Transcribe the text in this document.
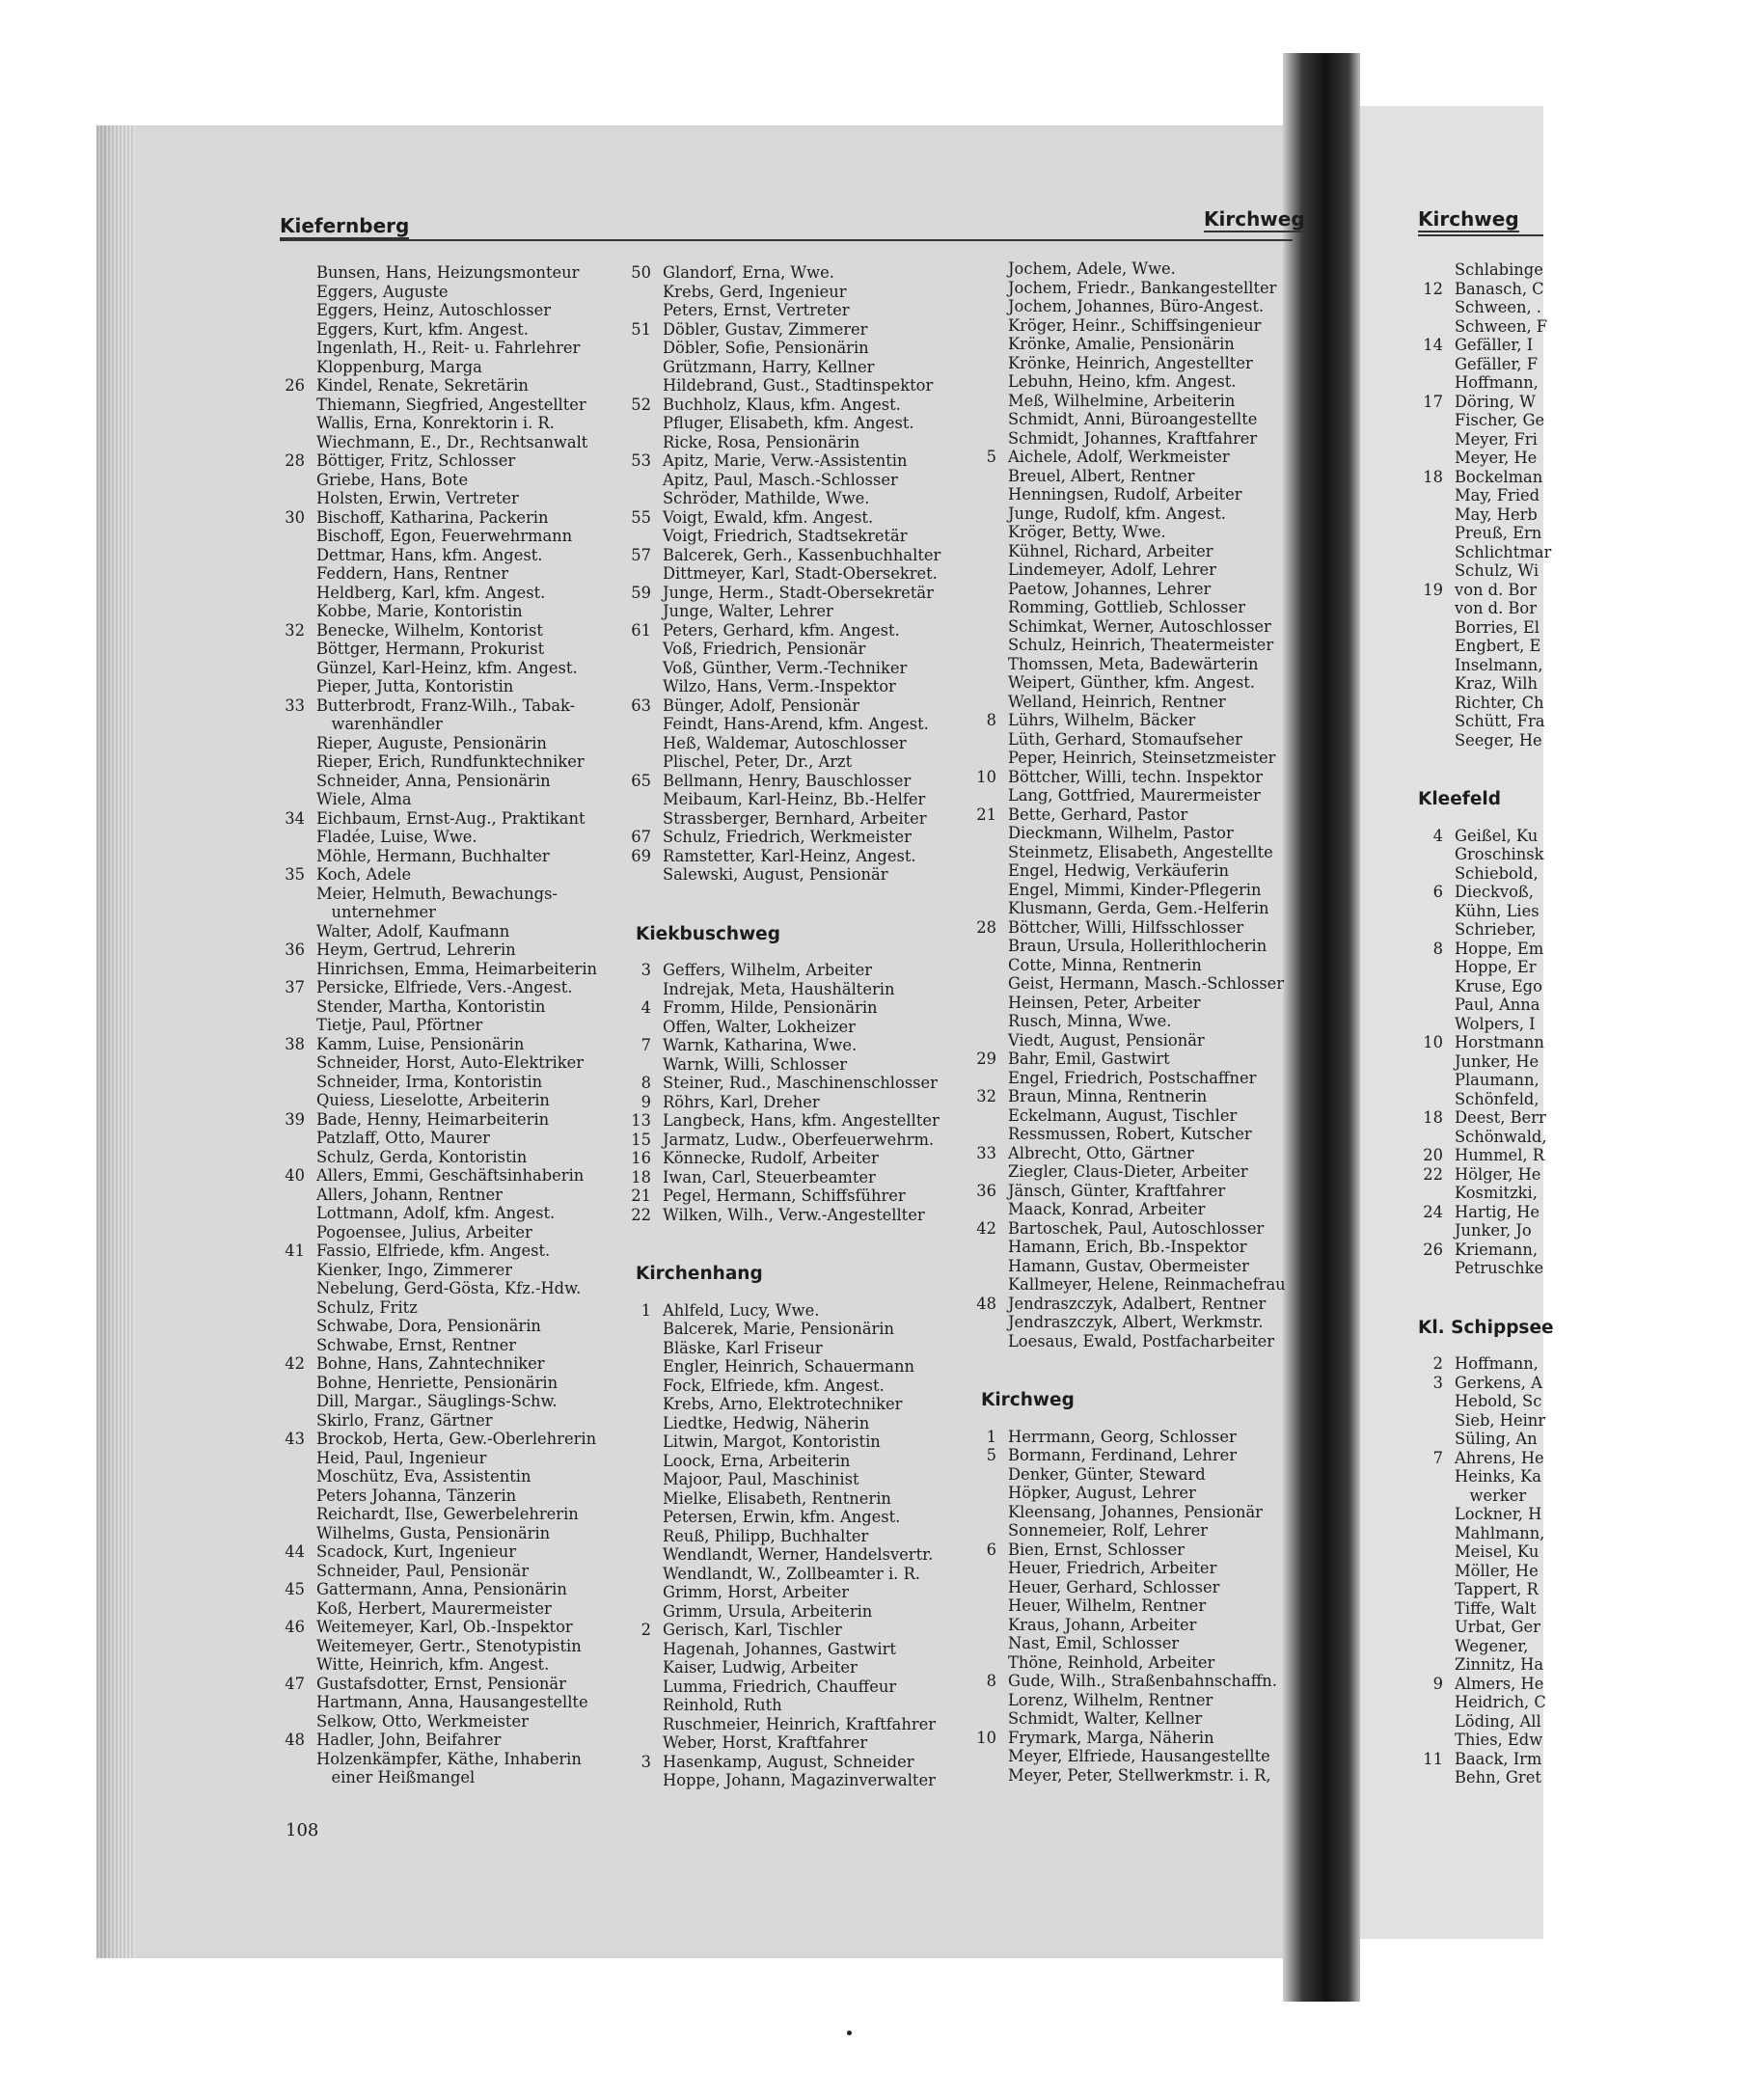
Kiefernberg	Kirchweg	Kirchweg
Bunsen, Hans, Heizungsmonteur
Eggers, Auguste
Eggers, Heinz, Autoschlosser
Eggers, Kurt, kfm. Angest.
Ingenlath, H., Reit- u. Fahrlehrer
Kloppenburg, Marga
26 Kindel, Renate, Sekretärin
Thiemann, Siegfried, Angestellter
Wallis, Erna, Konrektorin i. R.
Wiechmann, E., Dr., Rechtsanwalt
28 Böttiger, Fritz, Schlosser
Griebe, Hans, Bote
Holsten, Erwin, Vertreter
30 Bischoff, Katharina, Packerin
Bischoff, Egon, Feuerwehrmann
Dettmar, Hans, kfm. Angest.
Feddern, Hans, Rentner
Heldberg, Karl, kfm. Angest.
Kobbe, Marie, Kontoristin
32 Benecke, Wilhelm, Kontorist
Böttger, Hermann, Prokurist
Günzel, Karl-Heinz, kfm. Angest.
Pieper, Jutta, Kontoristin
33 Butterbrodt, Franz-Wilh., Tabak-
warenhändler
Rieper, Auguste, Pensionärin
Rieper, Erich, Rundfunktechniker
Schneider, Anna, Pensionärin
Wiele, Alma
34 Eichbaum, Ernst-Aug., Praktikant
Fladée, Luise, Wwe.
Möhle, Hermann, Buchhalter
35 Koch, Adele
Meier, Helmuth, Bewachungs-
unternehmer
Walter, Adolf, Kaufmann
36 Heym, Gertrud, Lehrerin
Hinrichsen, Emma, Heimarbeiterin
37 Persicke, Elfriede, Vers.-Angest.
Stender, Martha, Kontoristin
Tietje, Paul, Pförtner
38 Kamm, Luise, Pensionärin
Schneider, Horst, Auto-Elektriker
Schneider, Irma, Kontoristin
Quiess, Lieselotte, Arbeiterin
39 Bade, Henny, Heimarbeiterin
Patzlaff, Otto, Maurer
Schulz, Gerda, Kontoristin
40 Allers, Emmi, Geschäftsinhaberin
Allers, Johann, Rentner
Lottmann, Adolf, kfm. Angest.
Pogoensee, Julius, Arbeiter
41 Fassio, Elfriede, kfm. Angest.
Kienker, Ingo, Zimmerer
Nebelung, Gerd-Gösta, Kfz.-Hdw.
Schulz, Fritz
Schwabe, Dora, Pensionärin
Schwabe, Ernst, Rentner
42 Bohne, Hans, Zahntechniker
Bohne, Henriette, Pensionärin
Dill, Margar., Säuglings-Schw.
Skirlo, Franz, Gärtner
43 Brockob, Herta, Gew.-Oberlehrerin
Heid, Paul, Ingenieur
Moschütz, Eva, Assistentin
Peters Johanna, Tänzerin
Reichardt, Ilse, Gewerbelehrerin
Wilhelms, Gusta, Pensionärin
44 Scadock, Kurt, Ingenieur
Schneider, Paul, Pensionär
45 Gattermann, Anna, Pensionärin
Koß, Herbert, Maurermeister
46 Weitemeyer, Karl, Ob.-Inspektor
Weitemeyer, Gertr., Stenotypistin
Witte, Heinrich, kfm. Angest.
47 Gustafsdotter, Ernst, Pensionär
Hartmann, Anna, Hausangestellte
Selkow, Otto, Werkmeister
48 Hadler, John, Beifahrer
Holzenkämpfer, Käthe, Inhaberin
einer Heißmangel
50 Glandorf, Erna, Wwe.
Krebs, Gerd, Ingenieur
Peters, Ernst, Vertreter
51 Döbler, Gustav, Zimmerer
Döbler, Sofie, Pensionärin
Grützmann, Harry, Kellner
Hildebrand, Gust., Stadtinspektor
52 Buchholz, Klaus, kfm. Angest.
Pfluger, Elisabeth, kfm. Angest.
Ricke, Rosa, Pensionärin
53 Apitz, Marie, Verw.-Assistentin
Apitz, Paul, Masch.-Schlosser
Schröder, Mathilde, Wwe.
55 Voigt, Ewald, kfm. Angest.
Voigt, Friedrich, Stadtsekretär
57 Balcerek, Gerh., Kassenbuchhalter
Dittmeyer, Karl, Stadt-Obersekret.
59 Junge, Herm., Stadt-Obersekretär
Junge, Walter, Lehrer
61 Peters, Gerhard, kfm. Angest.
Voß, Friedrich, Pensionär
Voß, Günther, Verm.-Techniker
Wilzo, Hans, Verm.-Inspektor
63 Bünger, Adolf, Pensionär
Feindt, Hans-Arend, kfm. Angest.
Heß, Waldemar, Autoschlosser
Plischel, Peter, Dr., Arzt
65 Bellmann, Henry, Bauschlosser
Meibaum, Karl-Heinz, Bb.-Helfer
Strassberger, Bernhard, Arbeiter
67 Schulz, Friedrich, Werkmeister
69 Ramstetter, Karl-Heinz, Angest.
Salewski, August, Pensionär
Kiekbuschweg
3 Geffers, Wilhelm, Arbeiter
Indrejak, Meta, Haushälterin
4 Fromm, Hilde, Pensionärin
Offen, Walter, Lokheizer
7 Warnk, Katharina, Wwe.
Warnk, Willi, Schlosser
8 Steiner, Rud., Maschinenschlosser
9 Röhrs, Karl, Dreher
13 Langbeck, Hans, kfm. Angestellter
15 Jarmatz, Ludw., Oberfeuerwehrm.
16 Könnecke, Rudolf, Arbeiter
18 Iwan, Carl, Steuerbeamter
21 Pegel, Hermann, Schiffsführer
22 Wilken, Wilh., Verw.-Angestellter
Kirchenhang
1 Ahlfeld, Lucy, Wwe.
Balcerek, Marie, Pensionärin
Bläske, Karl Friseur
Engler, Heinrich, Schauermann
Fock, Elfriede, kfm. Angest.
Krebs, Arno, Elektrotechniker
Liedtke, Hedwig, Näherin
Litwin, Margot, Kontoristin
Loock, Erna, Arbeiterin
Majoor, Paul, Maschinist
Mielke, Elisabeth, Rentnerin
Petersen, Erwin, kfm. Angest.
Reuß, Philipp, Buchhalter
Wendlandt, Werner, Handelsvertr.
Wendlandt, W., Zollbeamter i. R.
Grimm, Horst, Arbeiter
Grimm, Ursula, Arbeiterin
2 Gerisch, Karl, Tischler
Hagenah, Johannes, Gastwirt
Kaiser, Ludwig, Arbeiter
Lumma, Friedrich, Chauffeur
Reinhold, Ruth
Ruschmeier, Heinrich, Kraftfahrer
Weber, Horst, Kraftfahrer
3 Hasenkamp, August, Schneider
Hoppe, Johann, Magazinverwalter
Jochem, Adele, Wwe.
Jochem, Friedr., Bankangestellter
Jochem, Johannes, Büro-Angest.
Kröger, Heinr., Schiffsingenieur
Krönke, Amalie, Pensionärin
Krönke, Heinrich, Angestellter
Lebuhn, Heino, kfm. Angest.
Meß, Wilhelmine, Arbeiterin
Schmidt, Anni, Büroangestellte
Schmidt, Johannes, Kraftfahrer
5 Aichele, Adolf, Werkmeister
Breuel, Albert, Rentner
Henningsen, Rudolf, Arbeiter
Junge, Rudolf, kfm. Angest.
Kröger, Betty, Wwe.
Kühnel, Richard, Arbeiter
Lindemeyer, Adolf, Lehrer
Paetow, Johannes, Lehrer
Romming, Gottlieb, Schlosser
Schimkat, Werner, Autoschlosser
Schulz, Heinrich, Theatermeister
Thomssen, Meta, Badewärterin
Weipert, Günther, kfm. Angest.
Welland, Heinrich, Rentner
8 Lührs, Wilhelm, Bäcker
Lüth, Gerhard, Stomaufseher
Peper, Heinrich, Steinsetzmeister
10 Böttcher, Willi, techn. Inspektor
Lang, Gottfried, Maurermeister
21 Bette, Gerhard, Pastor
Dieckmann, Wilhelm, Pastor
Steinmetz, Elisabeth, Angestellte
Engel, Hedwig, Verkäuferin
Engel, Mimmi, Kinder-Pflegerin
Klusmann, Gerda, Gem.-Helferin
28 Böttcher, Willi, Hilfsschlosser
Braun, Ursula, Hollerithlocherin
Cotte, Minna, Rentnerin
Geist, Hermann, Masch.-Schlosser
Heinsen, Peter, Arbeiter
Rusch, Minna, Wwe.
Viedt, August, Pensionär
29 Bahr, Emil, Gastwirt
Engel, Friedrich, Postschaffner
32 Braun, Minna, Rentnerin
Eckelmann, August, Tischler
Ressmussen, Robert, Kutscher
33 Albrecht, Otto, Gärtner
Ziegler, Claus-Dieter, Arbeiter
36 Jänsch, Günter, Kraftfahrer
Maack, Konrad, Arbeiter
42 Bartoschek, Paul, Autoschlosser
Hamann, Erich, Bb.-Inspektor
Hamann, Gustav, Obermeister
Kallmeyer, Helene, Reinmachefrau
48 Jendraszczyk, Adalbert, Rentner
Jendraszczyk, Albert, Werkmstr.
Loesaus, Ewald, Postfacharbeiter
Kirchweg
1 Herrmann, Georg, Schlosser
5 Bormann, Ferdinand, Lehrer
Denker, Günter, Steward
Höpker, August, Lehrer
Kleensang, Johannes, Pensionär
Sonnemeier, Rolf, Lehrer
6 Bien, Ernst, Schlosser
Heuer, Friedrich, Arbeiter
Heuer, Gerhard, Schlosser
Heuer, Wilhelm, Rentner
Kraus, Johann, Arbeiter
Nast, Emil, Schlosser
Thöne, Reinhold, Arbeiter
8 Gude, Wilh., Straßenbahnschaffn.
Lorenz, Wilhelm, Rentner
Schmidt, Walter, Kellner
10 Frymark, Marga, Näherin
Meyer, Elfriede, Hausangestellte
Meyer, Peter, Stellwerkmstr. i. R,
Schlabinge
12 Banasch, C
Schween, .
Schween, F
14 Gefäller, I
Gefäller, F
Hoffmann,
17 Döring, W
Fischer, Ge
Meyer, Fri
Meyer, He
18 Bockelman
May, Fried
May, Herb
Preuß, Ern
Schlichtmar
Schulz, Wi
19 von d. Bor
von d. Bor
Borries, El
Engbert, E
Inselmann,
Kraz, Wilh
Richter, Ch
Schütt, Fra
Seeger, He
Kleefeld
4 Geißel, Ku
Groschinsk
Schiebold,
6 Dieckvoß,
Kühn, Lies
Schrieber,
8 Hoppe, Em
Hoppe, Er
Kruse, Ego
Paul, Anna
Wolpers, I
10 Horstmann
Junker, He
Plaumann,
Schönfeld,
18 Deest, Berr
Schönwald,
20 Hummel, R
22 Hölger, He
Kosmitzki,
24 Hartig, He
Junker, Jo
26 Kriemann,
Petruschke
Kl. Schippsee
2 Hoffmann,
3 Gerkens, A
Hebold, Sc
Sieb, Heinr
Süling, An
7 Ahrens, He
Heinks, Ka
werker
Lockner, H
Mahlmann,
Meisel, Ku
Möller, He
Tappert, R
Tiffe, Walt
Urbat, Ger
Wegener,
Zinnitz, Ha
9 Almers, He
Heidrich, C
Löding, All
Thies, Edw
11 Baack, Irm
Behn, Gret
108
